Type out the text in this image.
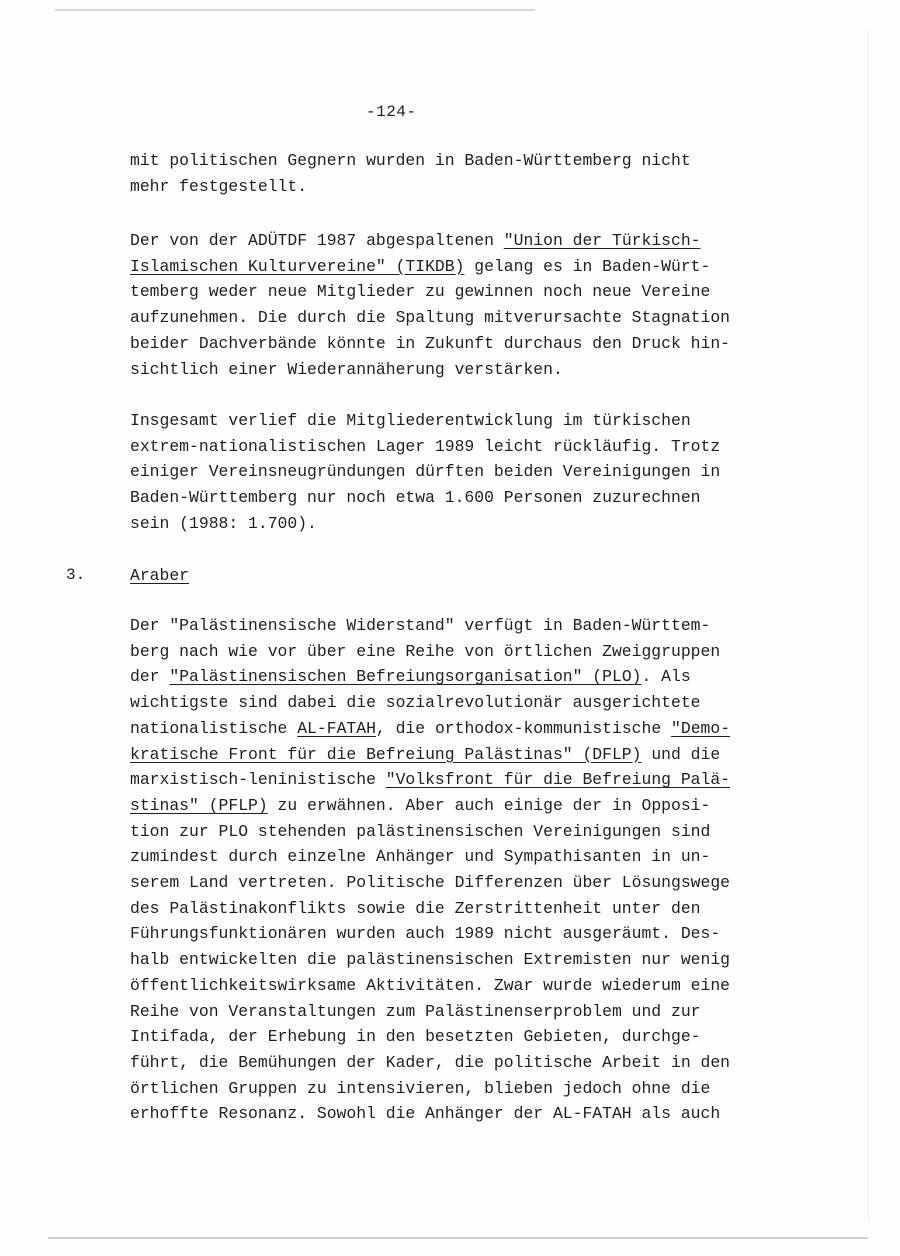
-124-
mit politischen Gegnern wurden in Baden-Württemberg nicht
mehr festgestellt.
Der von der ADÜTDF 1987 abgespaltenen "Union der Türkisch-
Islamischen Kulturvereine" (TIKDB) gelang es in Baden-Würt-
temberg weder neue Mitglieder zu gewinnen noch neue Vereine
aufzunehmen. Die durch die Spaltung mitverursachte Stagnation
beider Dachverbände könnte in Zukunft durchaus den Druck hin-
sichtlich einer Wiederannäherung verstärken.
Insgesamt verlief die Mitgliederentwicklung im türkischen
extrem-nationalistischen Lager 1989 leicht rückläufig. Trotz
einiger Vereinsneugründungen dürften beiden Vereinigungen in
Baden-Württemberg nur noch etwa 1.600 Personen zuzurechnen
sein (1988: 1.700).
3.	Araber
Der "Palästinensische Widerstand" verfügt in Baden-Württem-
berg nach wie vor über eine Reihe von örtlichen Zweiggruppen
der "Palästinensischen Befreiungsorganisation" (PLO). Als
wichtigste sind dabei die sozialrevolutionär ausgerichtete
nationalistische AL-FATAH, die orthodox-kommunistische "Demo-
kratische Front für die Befreiung Palästinas" (DFLP) und die
marxistisch-leninistische "Volksfront für die Befreiung Palä-
stinas" (PFLP) zu erwähnen. Aber auch einige der in Opposi-
tion zur PLO stehenden palästinensischen Vereinigungen sind
zumindest durch einzelne Anhänger und Sympathisanten in un-
serem Land vertreten. Politische Differenzen über Lösungswege
des Palästinakonflikts sowie die Zerstrittenheit unter den
Führungsfunktionären wurden auch 1989 nicht ausgeräumt. Des-
halb entwickelten die palästinensischen Extremisten nur wenig
öffentlichkeitswirksame Aktivitäten. Zwar wurde wiederum eine
Reihe von Veranstaltungen zum Palästinenserproblem und zur
Intifada, der Erhebung in den besetzten Gebieten, durchge-
führt, die Bemühungen der Kader, die politische Arbeit in den
örtlichen Gruppen zu intensivieren, blieben jedoch ohne die
erhoffte Resonanz. Sowohl die Anhänger der AL-FATAH als auch
